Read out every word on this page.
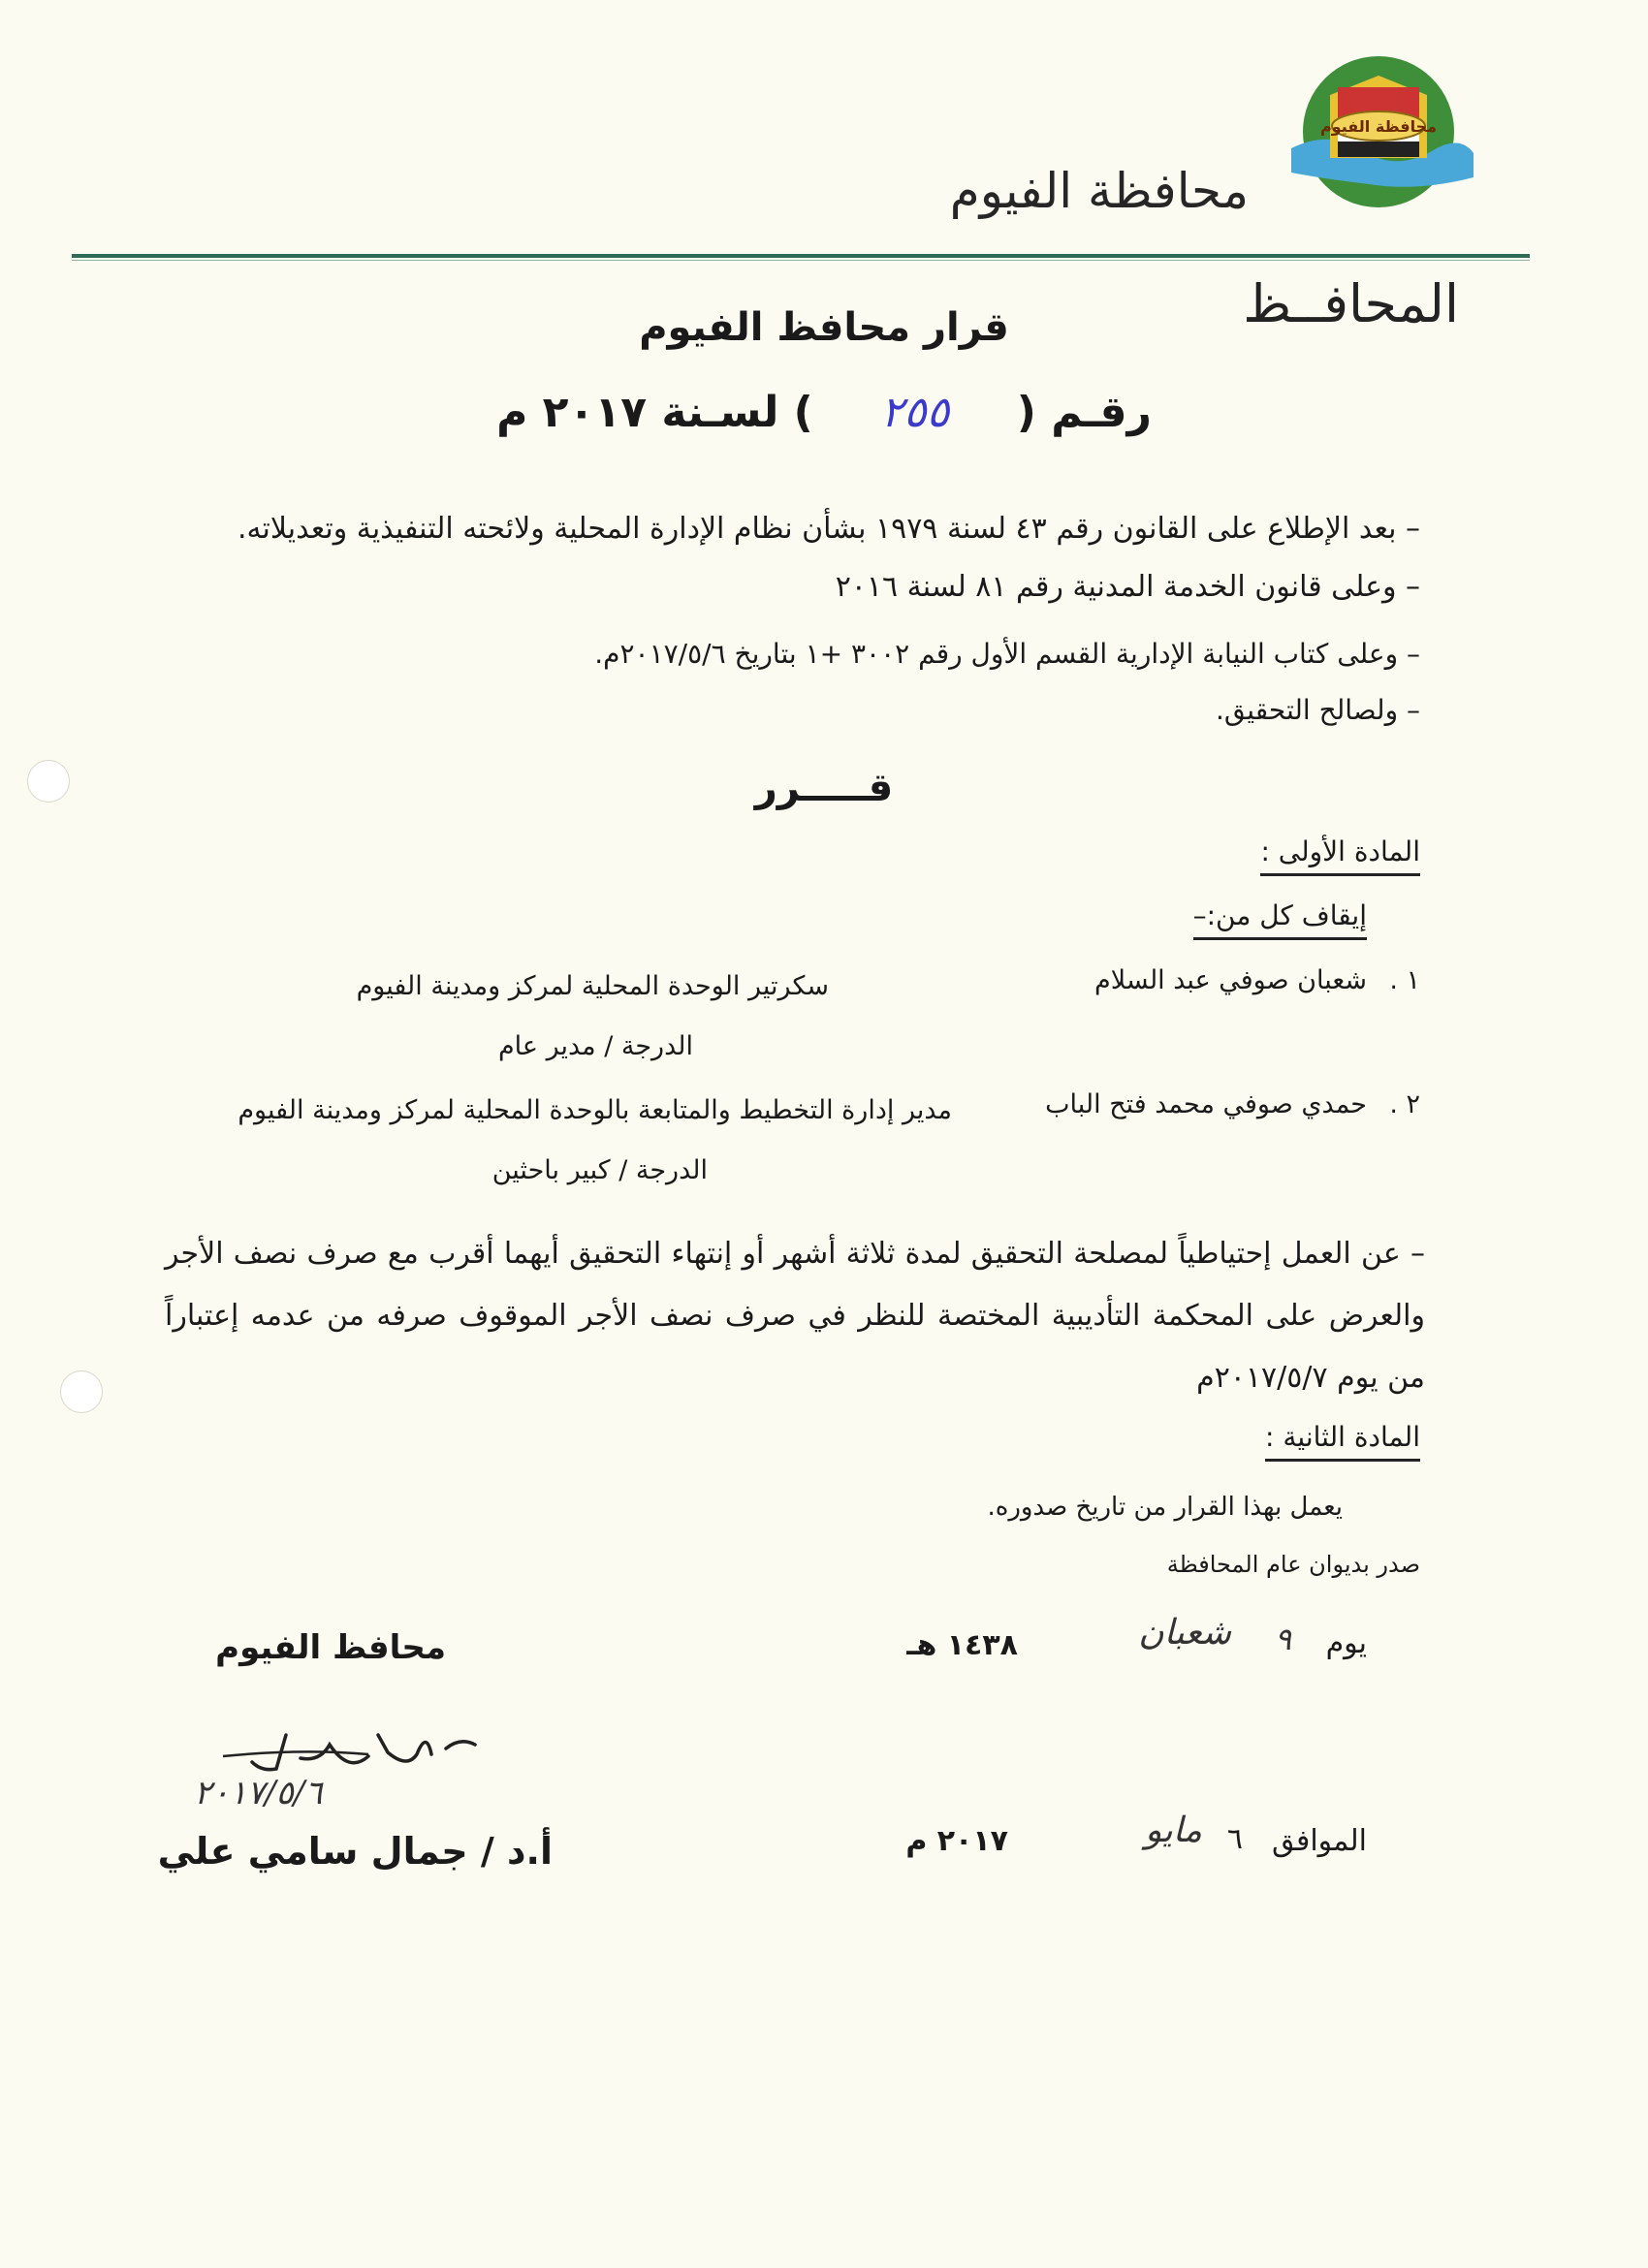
محافظة الفيوم
محافظة الفيوم
المحافــظ
قرار محافظ الفيوم
رقـم (٢٥٥) لسـنة ٢٠١٧ م
– بعد الإطلاع على القانون رقم ٤٣ لسنة ١٩٧٩ بشأن نظام الإدارة المحلية ولائحته التنفيذية وتعديلاته.
– وعلى قانون الخدمة المدنية رقم ٨١ لسنة ٢٠١٦
– وعلى كتاب النيابة الإدارية القسم الأول رقم ٣٠٠٢ +١ بتاريخ ٢٠١٧/٥/٦م.
– ولصالح التحقيق.
قـــــرر
المادة الأولى :
إيقاف كل من:–
١ .
شعبان صوفي عبد السلام
سكرتير الوحدة المحلية لمركز ومدينة الفيوم
الدرجة / مدير عام
٢ .
حمدي صوفي محمد فتح الباب
مدير إدارة التخطيط والمتابعة بالوحدة المحلية لمركز ومدينة الفيوم
الدرجة / كبير باحثين
– عن العمل إحتياطياً لمصلحة التحقيق لمدة ثلاثة أشهر أو إنتهاء التحقيق أيهما أقرب مع صرف نصف الأجر والعرض على المحكمة التأديبية المختصة للنظر في صرف نصف الأجر الموقوف صرفه من عدمه إعتباراً من يوم ٢٠١٧/٥/٧م
المادة الثانية :
يعمل بهذا القرار من تاريخ صدوره.
صدر بديوان عام المحافظة
يوم
٩
شعبان
١٤٣٨ هـ
الموافق
٦
مايو
٢٠١٧ م
محافظ الفيوم
٢٠١٧/٥/٦
أ.د / جمال سامي علي
